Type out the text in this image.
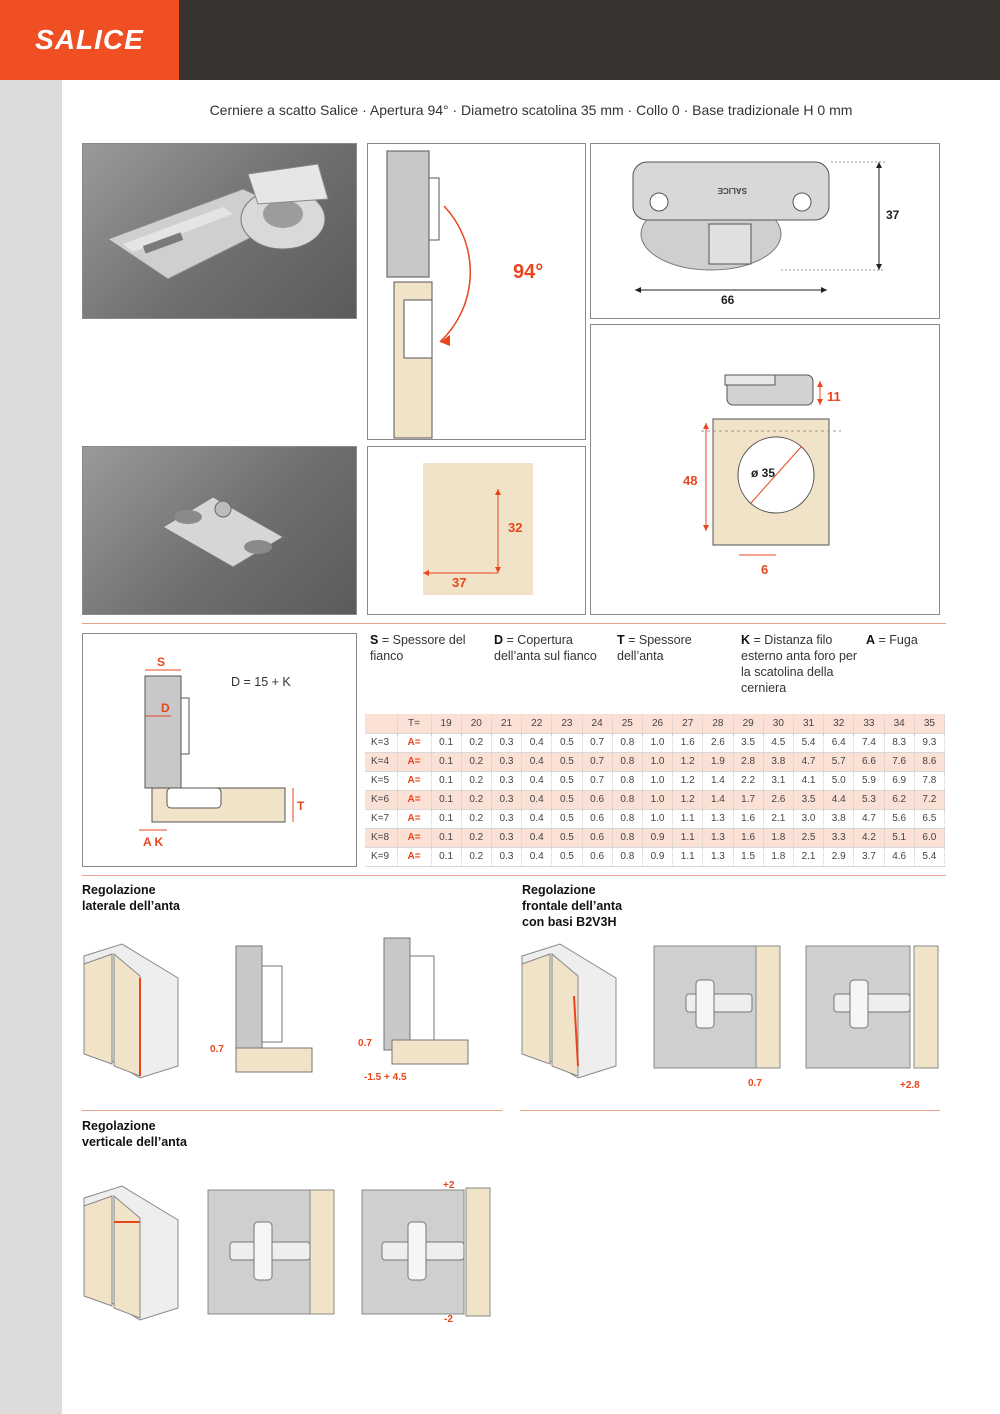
SALICE
Cerniere a scatto Salice · Apertura 94° · Diametro scatolina 35 mm · Collo 0 · Base tradizionale H 0 mm
94°
SALICE
66
37
11
48	ø 35
6
32
37
S
D
T
A K
D = 15 + K
S = Spessore del fianco
D = Copertura dell’anta sul fianco
T = Spessore dell’anta
K = Distanza filo esterno anta foro per la scatolina della cerniera
A = Fuga
	T=	19	20	21	22	23	24	25	26	27	28	29	30	31	32	33	34	35
K=3	A=	0.1	0.2	0.3	0.4	0.5	0.7	0.8	1.0	1.6	2.6	3.5	4.5	5.4	6.4	7.4	8.3	9.3
K=4	A=	0.1	0.2	0.3	0.4	0.5	0.7	0.8	1.0	1.2	1.9	2.8	3.8	4.7	5.7	6.6	7.6	8.6
K=5	A=	0.1	0.2	0.3	0.4	0.5	0.7	0.8	1.0	1.2	1.4	2.2	3.1	4.1	5.0	5.9	6.9	7.8
K=6	A=	0.1	0.2	0.3	0.4	0.5	0.6	0.8	1.0	1.2	1.4	1.7	2.6	3.5	4.4	5.3	6.2	7.2
K=7	A=	0.1	0.2	0.3	0.4	0.5	0.6	0.8	1.0	1.1	1.3	1.6	2.1	3.0	3.8	4.7	5.6	6.5
K=8	A=	0.1	0.2	0.3	0.4	0.5	0.6	0.8	0.9	1.1	1.3	1.6	1.8	2.5	3.3	4.2	5.1	6.0
K=9	A=	0.1	0.2	0.3	0.4	0.5	0.6	0.8	0.9	1.1	1.3	1.5	1.8	2.1	2.9	3.7	4.6	5.4
Regolazione
laterale dell’anta
0.7
0.7
-1.5 + 4.5
Regolazione
frontale dell’anta
con basi B2V3H
0.7	+2.8
Regolazione
verticale dell’anta
+2
-2
